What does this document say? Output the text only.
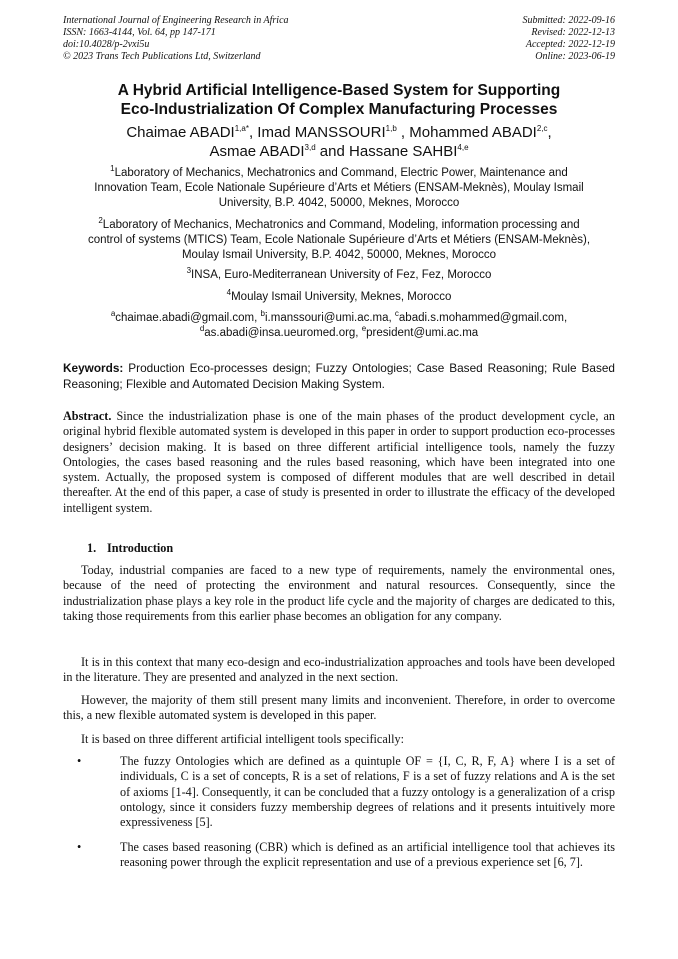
International Journal of Engineering Research in Africa
ISSN: 1663-4144, Vol. 64, pp 147-171
doi:10.4028/p-2vxi5u
© 2023 Trans Tech Publications Ltd, Switzerland
Submitted: 2022-09-16
Revised: 2022-12-13
Accepted: 2022-12-19
Online: 2023-06-19
A Hybrid Artificial Intelligence-Based System for Supporting
Eco-Industrialization Of Complex Manufacturing Processes
Chaimae $ABADI^{1,a*}$, Imad MANSSOURI$^{1,b}$ , Mohammed ABADI$^{2,c}$,
Asmae ABADI$^{3,d}$ and Hassane SAHBI$^{4,e}$
$^1$Laboratory of Mechanics, Mechatronics and Command, Electric Power, Maintenance and
Innovation Team, Ecole Nationale Supérieure d’Arts et Métiers (ENSAM-Meknès), Moulay Ismail
University, B.P. 4042, 50000, Meknes, Morocco
$^2$Laboratory of Mechanics, Mechatronics and Command, Modeling, information processing and
control of systems (MTICS) Team, Ecole Nationale Supérieure d’Arts et Métiers (ENSAM-Meknès),
Moulay Ismail University, B.P. 4042, 50000, Meknes, Morocco
$^3$INSA, Euro-Mediterranean University of Fez, Fez, Morocco
$^4$Moulay Ismail University, Meknes, Morocco
$^a$chaimae.abadi@gmail.com, $^b$i.manssouri@umi.ac.ma, $^c$abadi.s.mohammed@gmail.com,
$^d$as.abadi@insa.ueuromed.org, $^e$president@umi.ac.ma
Keywords: Production Eco-processes design; Fuzzy Ontologies; Case Based Reasoning; Rule Based Reasoning; Flexible and Automated Decision Making System.
Abstract. Since the industrialization phase is one of the main phases of the product development cycle, an original hybrid flexible automated system is developed in this paper in order to support production eco-processes designers’ decision making. It is based on three different artificial intelligence tools, namely the fuzzy Ontologies, the cases based reasoning and the rules based reasoning, which have been integrated into one system. Actually, the proposed system is composed of different modules that are well described in detail thereafter. At the end of this paper, a case of study is presented in order to illustrate the efficacy of the developed intelligent system.
1. Introduction
Today, industrial companies are faced to a new type of requirements, namely the environmental ones, because of the need of protecting the environment and natural resources. Consequently, since the industrialization phase plays a key role in the product life cycle and the majority of charges are dedicated to this, taking those requirements from this earlier phase becomes an obligation for any company.
It is in this context that many eco-design and eco-industrialization approaches and tools have been developed in the literature. They are presented and analyzed in the next section.
However, the majority of them still present many limits and inconvenient. Therefore, in order to overcome this, a new flexible automated system is developed in this paper.
It is based on three different artificial intelligent tools specifically:
•	The fuzzy Ontologies which are defined as a quintuple OF = {I, C, R, F, A} where I is a set of individuals, C is a set of concepts, R is a set of relations, F is a set of fuzzy relations and A is the set of axioms [1-4]. Consequently, it can be concluded that a fuzzy ontology is a generalization of a crisp ontology, since it considers fuzzy membership degrees of relations and it presents intuitively more expressiveness [5].
•	The cases based reasoning (CBR) which is defined as an artificial intelligence tool that achieves its reasoning power through the explicit representation and use of a previous experience set [6, 7].
